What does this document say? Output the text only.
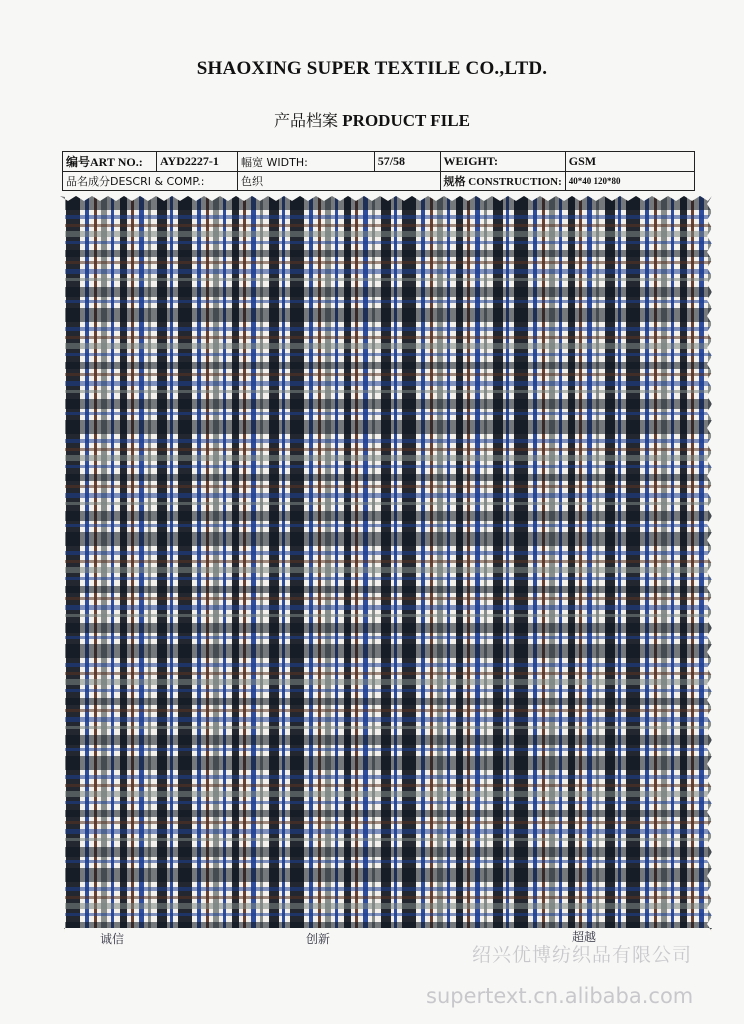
SHAOXING SUPER TEXTILE CO.,LTD.
产品档案 PRODUCT FILE
编号ART NO.:	AYD2227-1	幅宽 WIDTH:	57/58	WEIGHT:	GSM
品名成分DESCRI & COMP.:		色织		规格 CONSTRUCTION:	40*40 120*80
诚信	创新	超越
绍兴优博纺织品有限公司
supertext.cn.alibaba.com
